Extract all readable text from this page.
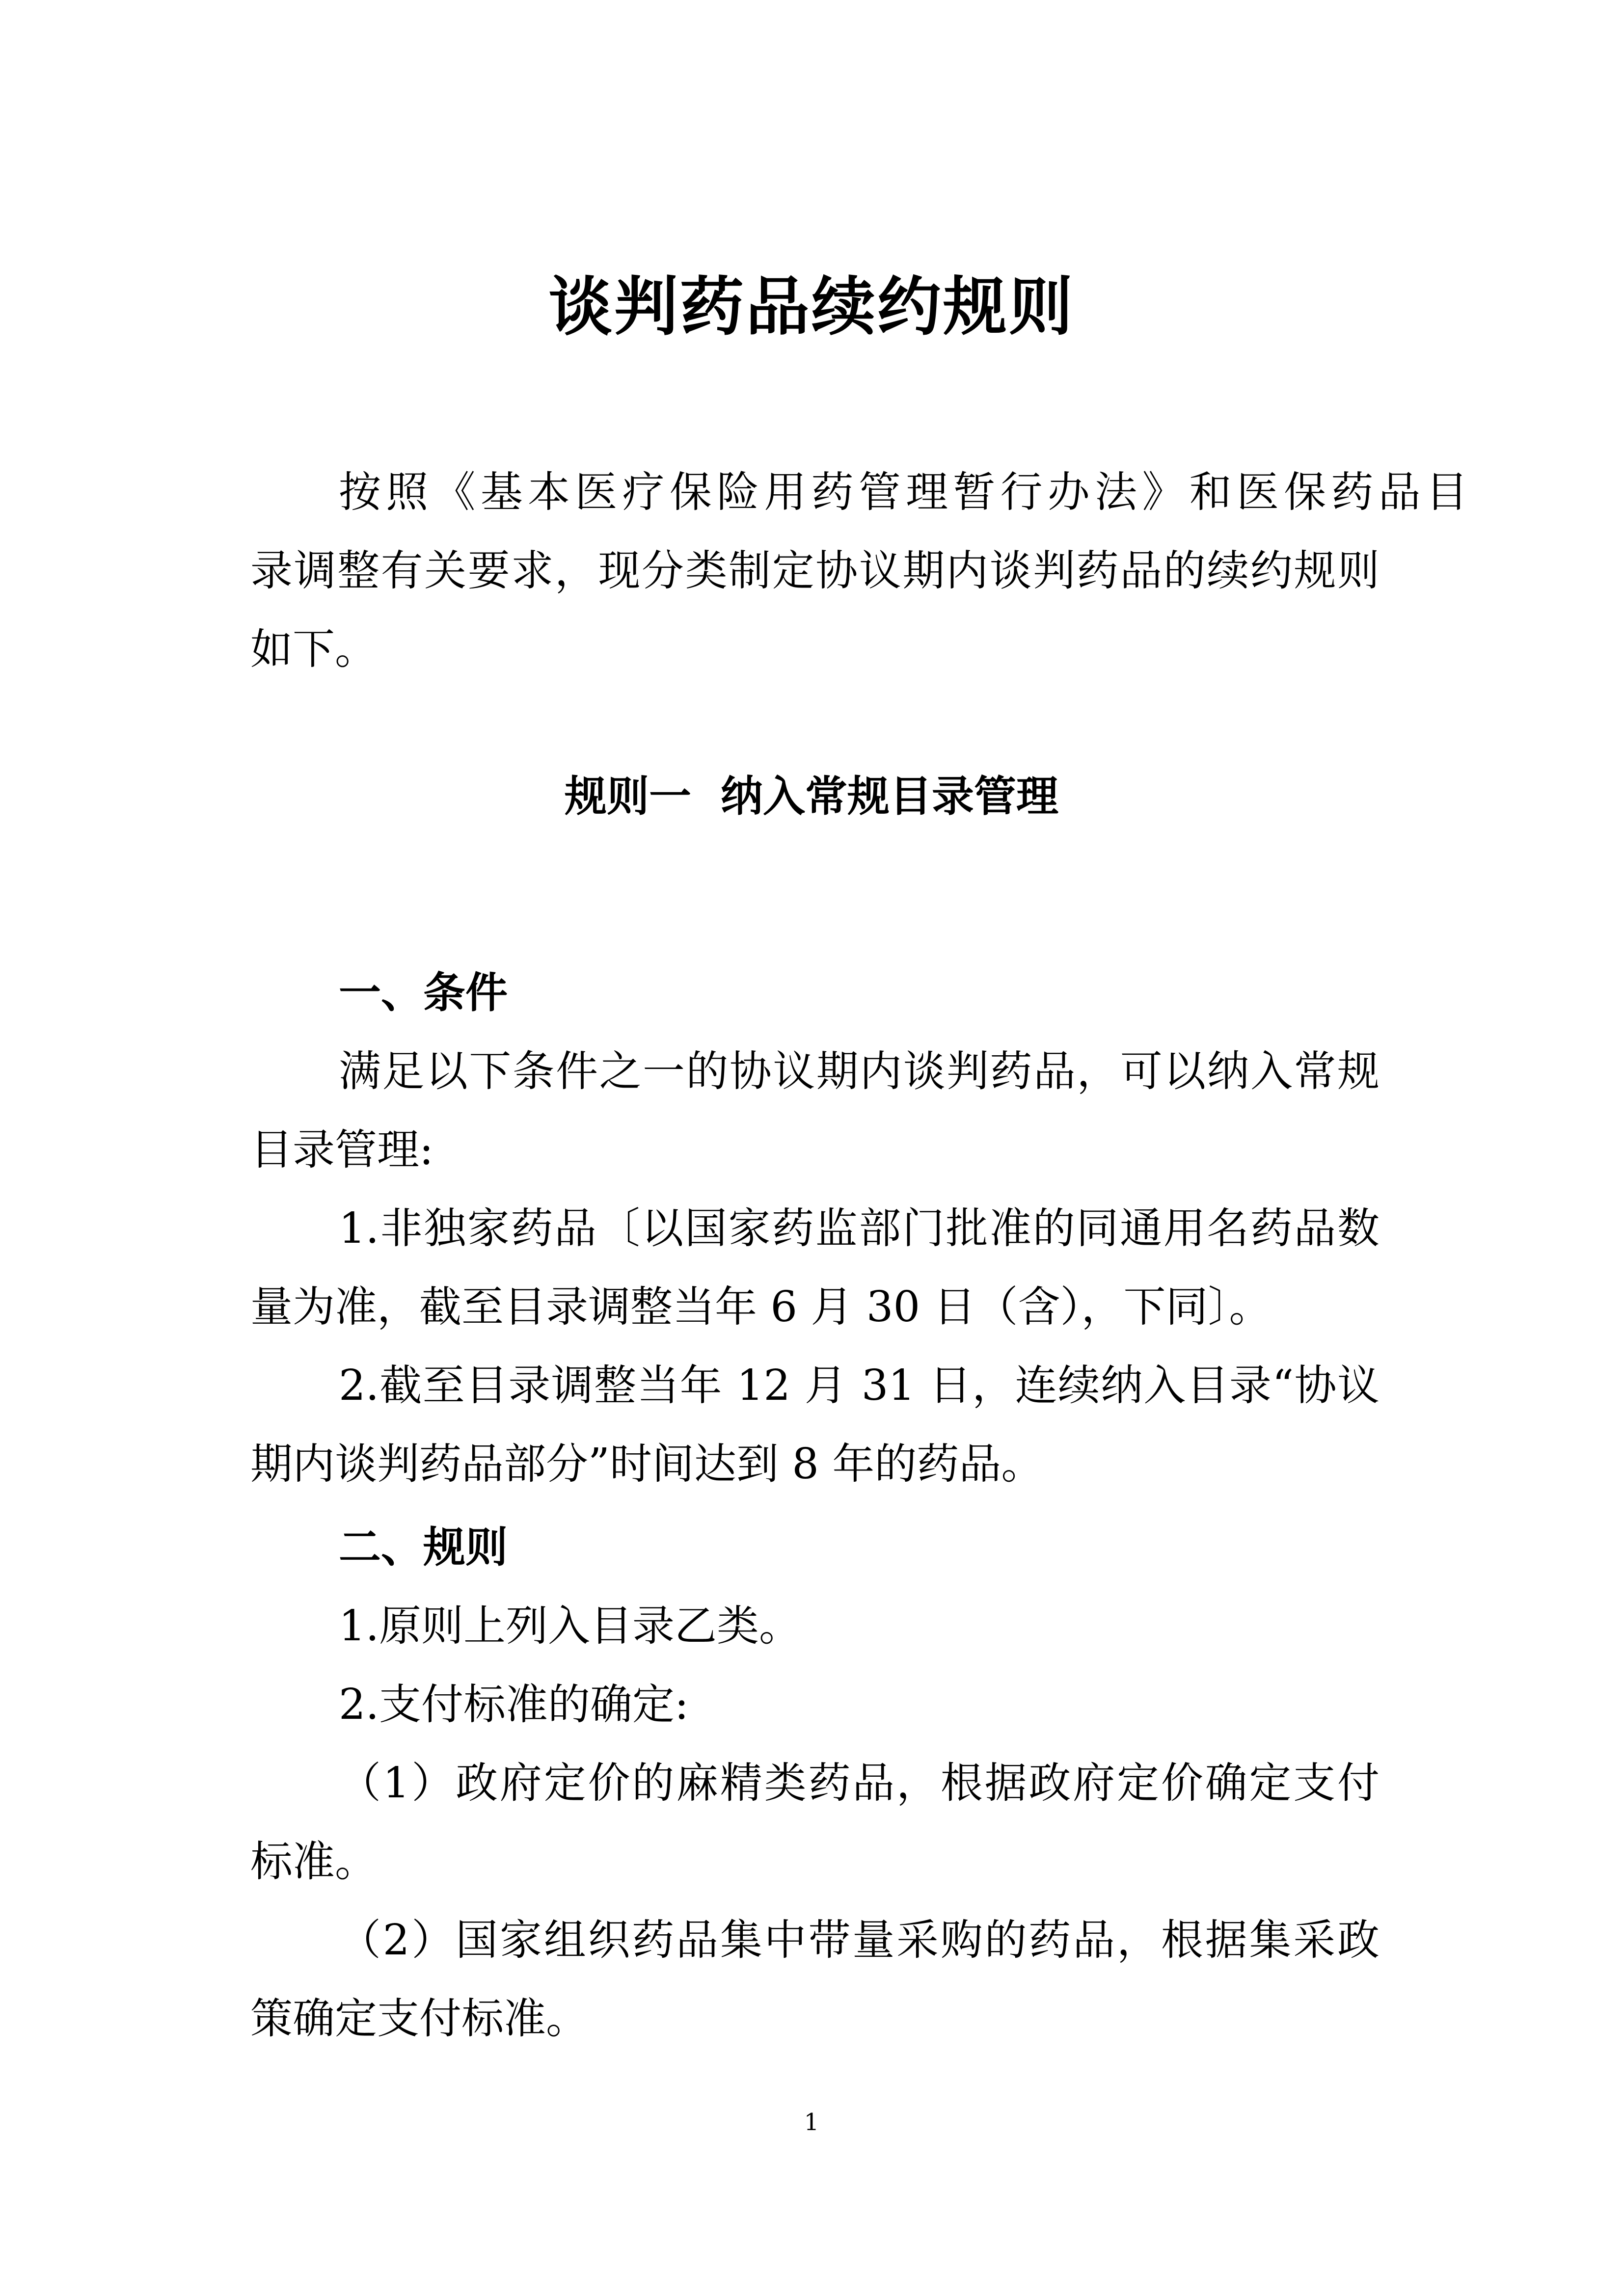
谈判药品续约规则
按照《基本医疗保险用药管理暂行办法》和医保药品目
录调整有关要求，现分类制定协议期内谈判药品的续约规则
如下。
规则一 纳入常规目录管理
一、条件
满足以下条件之一的协议期内谈判药品，可以纳入常规
目录管理:
1.非独家药品〔以国家药监部门批准的同通用名药品数
量为准，截至目录调整当年 6 月 30 日（含），下同〕。
2.截至目录调整当年 12 月 31 日，连续纳入目录“协议
期内谈判药品部分”时间达到 8 年的药品。
二、规则
1.原则上列入目录乙类。
2.支付标准的确定:
（1）政府定价的麻精类药品，根据政府定价确定支付
标准。
（2）国家组织药品集中带量采购的药品，根据集采政
策确定支付标准。
1
